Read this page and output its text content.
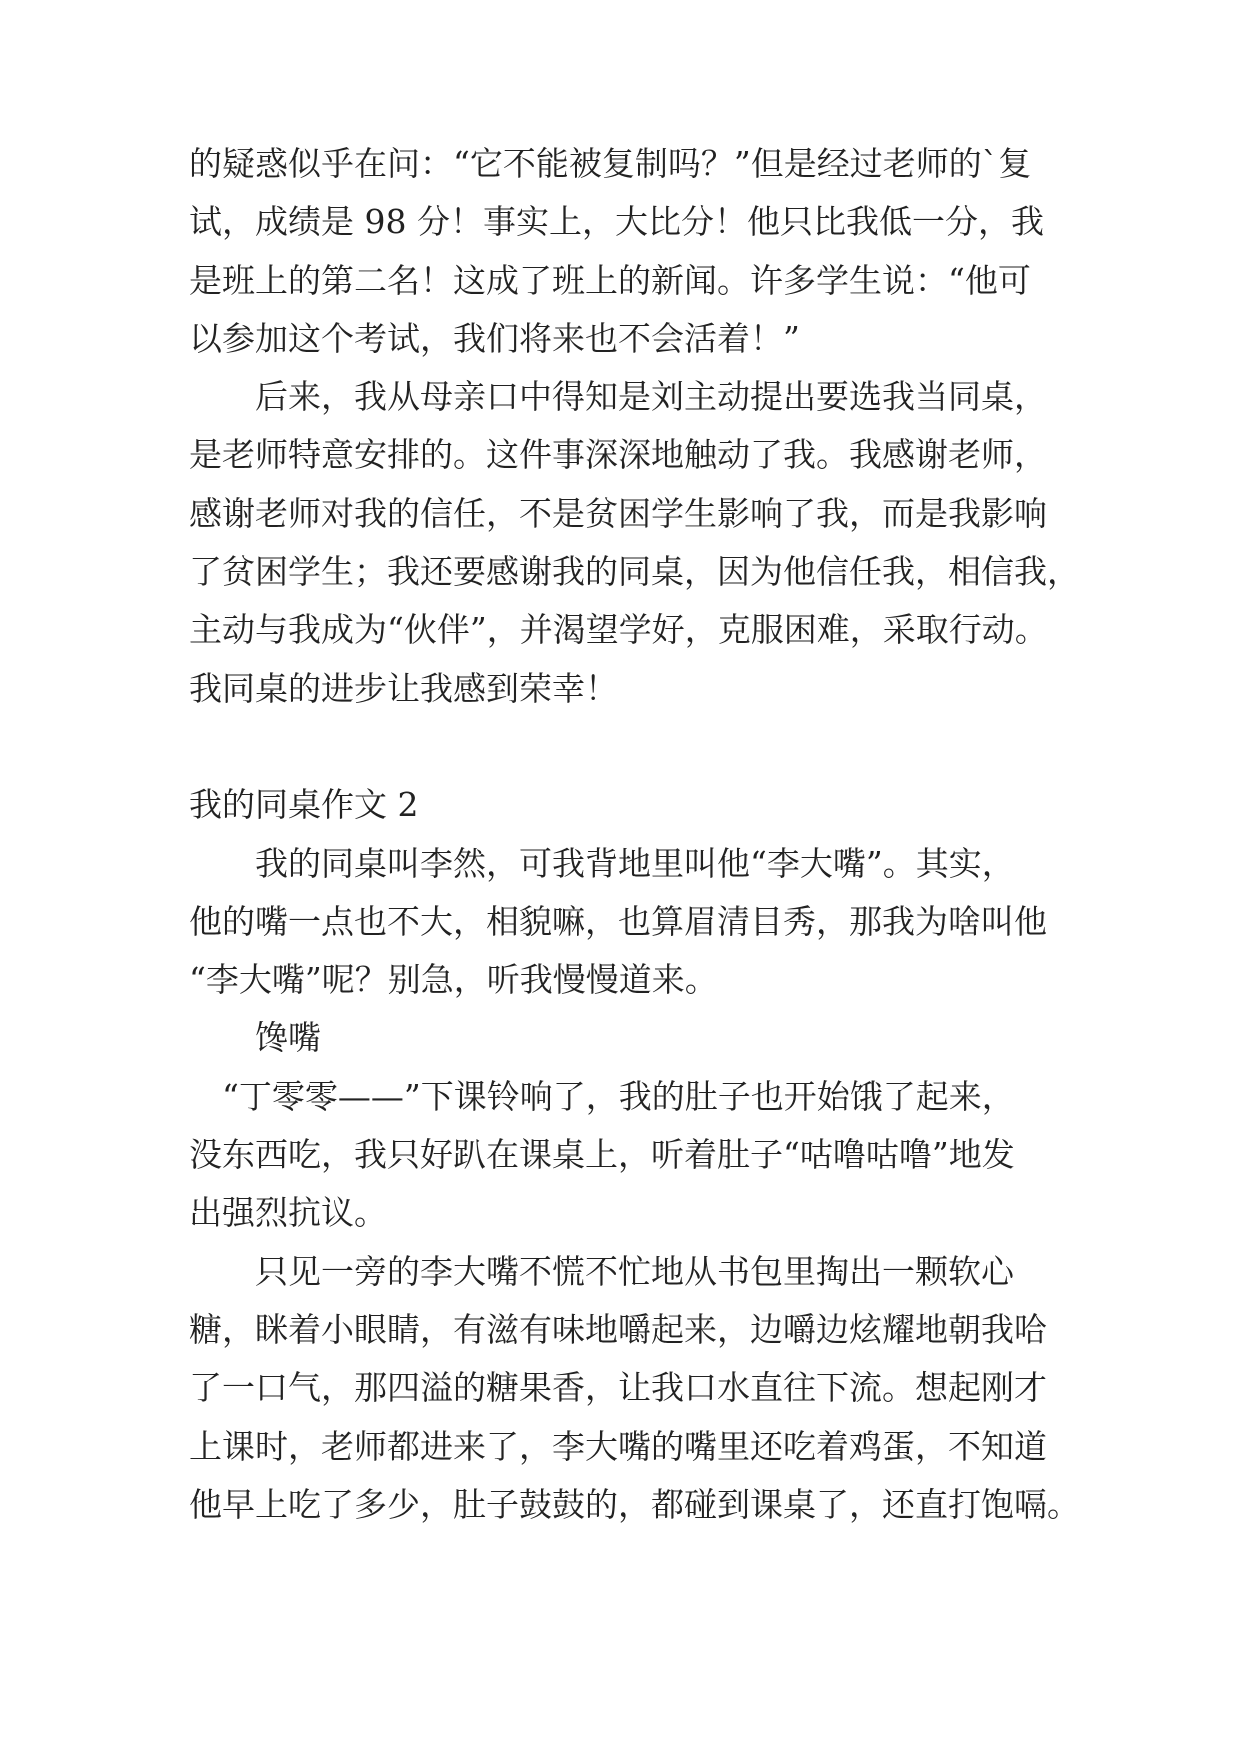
的疑惑似乎在问：“它不能被复制吗？”但是经过老师的`复
试，成绩是 98 分！事实上，大比分！他只比我低一分，我
是班上的第二名！这成了班上的新闻。许多学生说：“他可
以参加这个考试，我们将来也不会活着！”
　　后来，我从母亲口中得知是刘主动提出要选我当同桌，
是老师特意安排的。这件事深深地触动了我。我感谢老师，
感谢老师对我的信任，不是贫困学生影响了我，而是我影响
了贫困学生；我还要感谢我的同桌，因为他信任我，相信我，
主动与我成为“伙伴”，并渴望学好，克服困难，采取行动。
我同桌的进步让我感到荣幸！
我的同桌作文 2
　　我的同桌叫李然，可我背地里叫他“李大嘴”。其实，
他的嘴一点也不大，相貌嘛，也算眉清目秀，那我为啥叫他
“李大嘴”呢？别急，听我慢慢道来。
　　馋嘴
　“丁零零——”下课铃响了，我的肚子也开始饿了起来，
没东西吃，我只好趴在课桌上，听着肚子“咕噜咕噜”地发
出强烈抗议。
　　只见一旁的李大嘴不慌不忙地从书包里掏出一颗软心
糖，眯着小眼睛，有滋有味地嚼起来，边嚼边炫耀地朝我哈
了一口气，那四溢的糖果香，让我口水直往下流。想起刚才
上课时，老师都进来了，李大嘴的嘴里还吃着鸡蛋，不知道
他早上吃了多少，肚子鼓鼓的，都碰到课桌了，还直打饱嗝。
